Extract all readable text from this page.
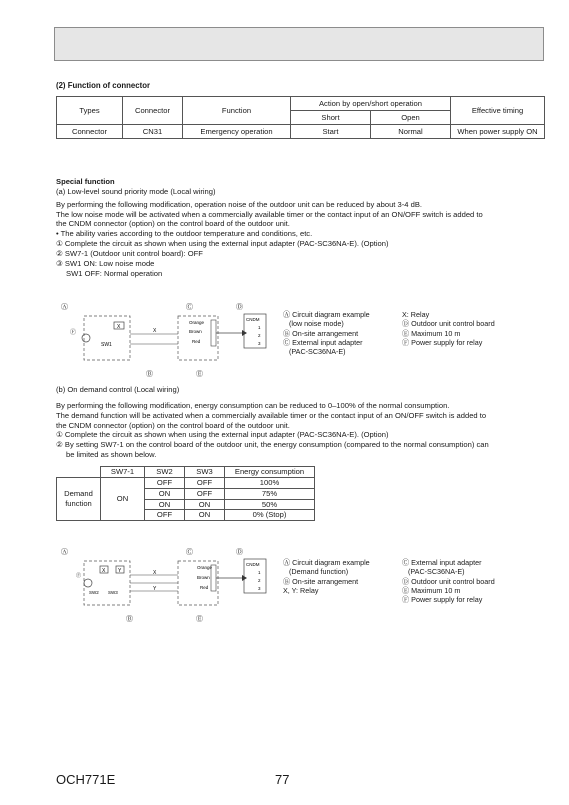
(2) Function of connector
Types	Connector	Function	Action by open/short operation		Effective timing
			Short	Open	
Connector	CN31	Emergency operation	Start	Normal	When power supply ON
Special function
(a) Low-level sound priority mode (Local wiring)
By performing the following modification, operation noise of the outdoor unit can be reduced by about 3-4 dB.
The low noise mode will be activated when a commercially available timer or the contact input of an ON/OFF switch is added to
the CNDM connector (option) on the control board of the outdoor unit.
• The ability varies according to the outdoor temperature and conditions, etc.
① Complete the circuit as shown when using the external input adapter (PAC-SC36NA-E). (Option)
② SW7-1 (Outdoor unit control board): OFF
③ SW1 ON: Low noise mode
SW1 OFF: Normal operation
Ⓐ	Ⓒ	Ⓓ
Ⓕ
X
SW1
X
Orange
Brown
Red
CNDM
1
2
3
Ⓑ	Ⓔ
Ⓐ Circuit diagram example
(low noise mode)
Ⓑ On-site arrangement
Ⓒ External input adapter
(PAC-SC36NA-E)
X: Relay
Ⓓ Outdoor unit control board
Ⓔ Maximum 10 m
Ⓕ Power supply for relay
(b) On demand control (Local wiring)
By performing the following modification, energy consumption can be reduced to 0–100% of the normal consumption.
The demand function will be activated when a commercially available timer or the contact input of an ON/OFF switch is added to
the CNDM connector (option) on the control board of the outdoor unit.
① Complete the circuit as shown when using the external input adapter (PAC-SC36NA-E). (Option)
② By setting SW7-1 on the control board of the outdoor unit, the energy consumption (compared to the normal consumption) can
be limited as shown below.
	SW7-1	SW2	SW3	Energy consumption
Demand function	ON	OFF	OFF	100%
		ON	OFF	75%
		ON	ON	50%
		OFF	ON	0% (Stop)
Ⓐ	Ⓒ	Ⓓ
Ⓕ
X	Y
SW2 SW3
X
Y
Orange
Brown
Red
CNDM
1
2
3
Ⓑ	Ⓔ
Ⓐ Circuit diagram example
(Demand function)
Ⓑ On-site arrangement
X, Y: Relay
Ⓒ External input adapter
(PAC-SC36NA-E)
Ⓓ Outdoor unit control board
Ⓔ Maximum 10 m
Ⓕ Power supply for relay
OCH771E	77
